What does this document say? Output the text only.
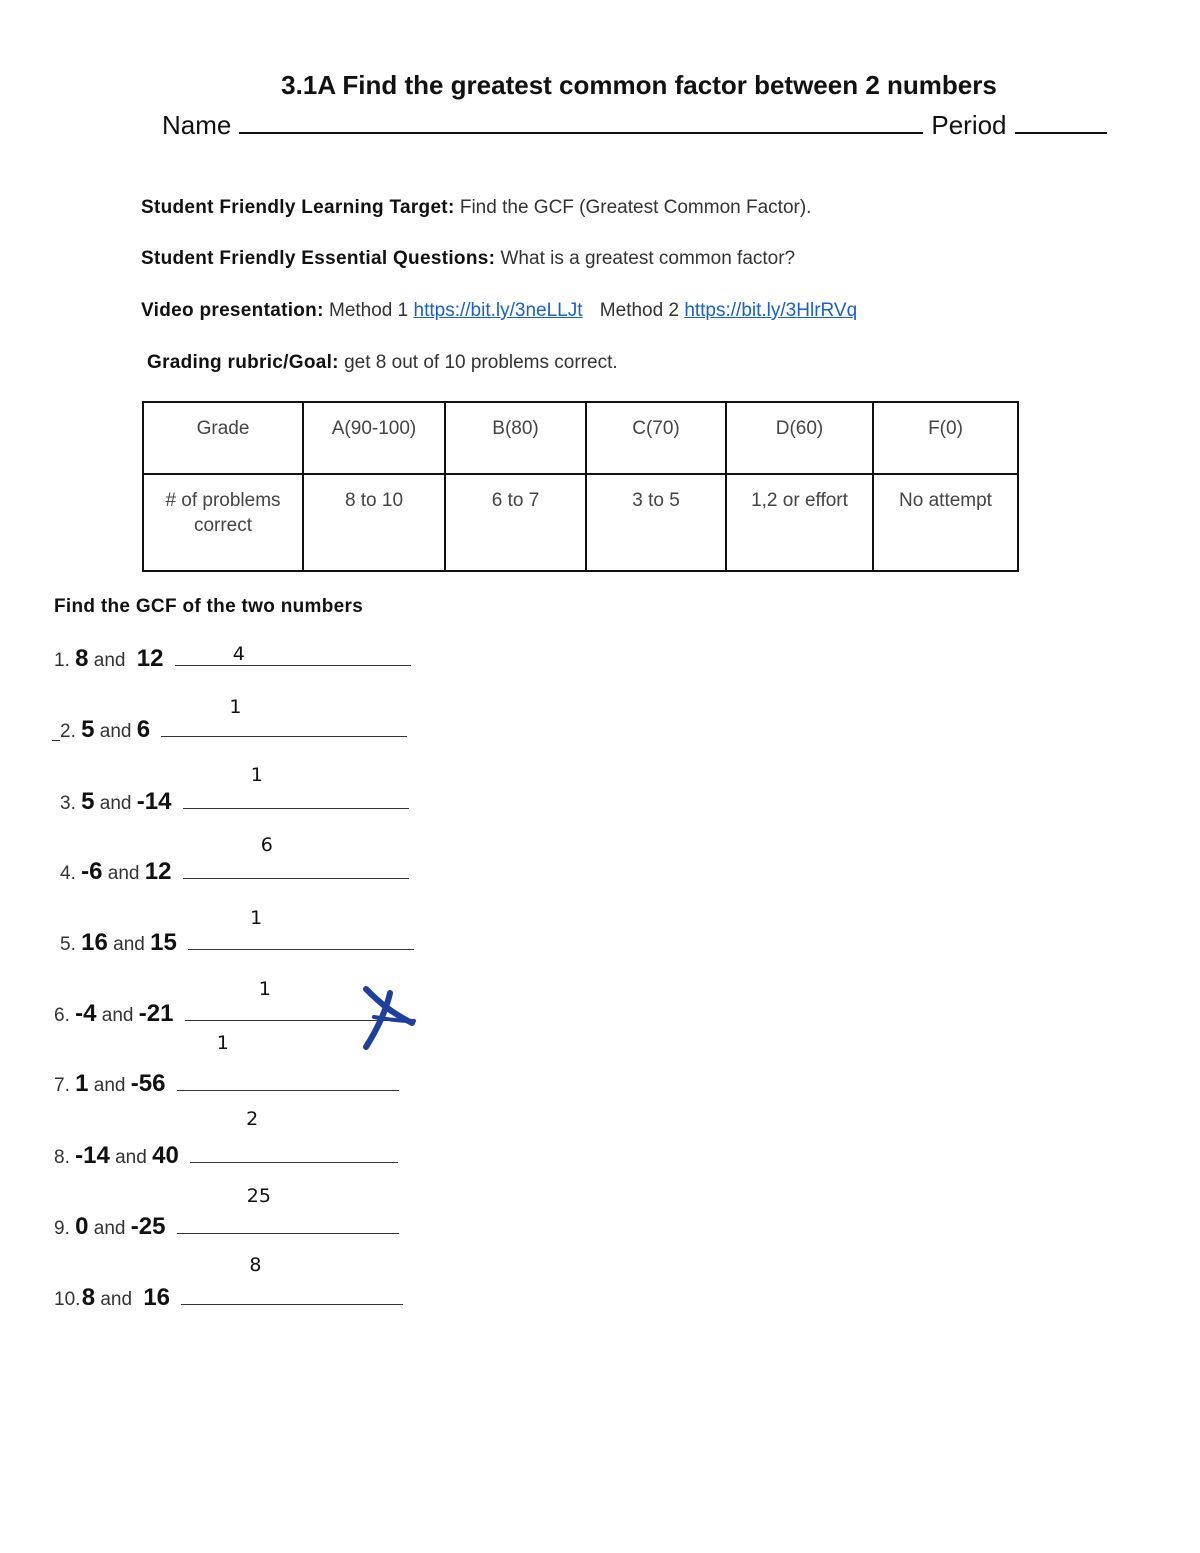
3.1A Find the greatest common factor between 2 numbers
Name	Period
Student Friendly Learning Target: Find the GCF (Greatest Common Factor).
Student Friendly Essential Questions: What is a greatest common factor?
Video presentation: Method 1 https://bit.ly/3neLLJt Method 2 https://bit.ly/3HlrRVq
Grading rubric/Goal: get 8 out of 10 problems correct.
Grade	A(90-100)	B(80)	C(70)	D(60)	F(0)
# of problems correct	8 to 10	6 to 7	3 to 5	1,2 or effort	No attempt
Find the GCF of the two numbers
1. 8 and 12	4
2. 5 and 6
1
3. 5 and -14
1
4. -6 and 12
6
5. 16 and 15
1
6. -4 and -21
1
7. 1 and -56
1
8. -14 and 40
2
9. 0 and -25
25
10. 8 and 16
8
